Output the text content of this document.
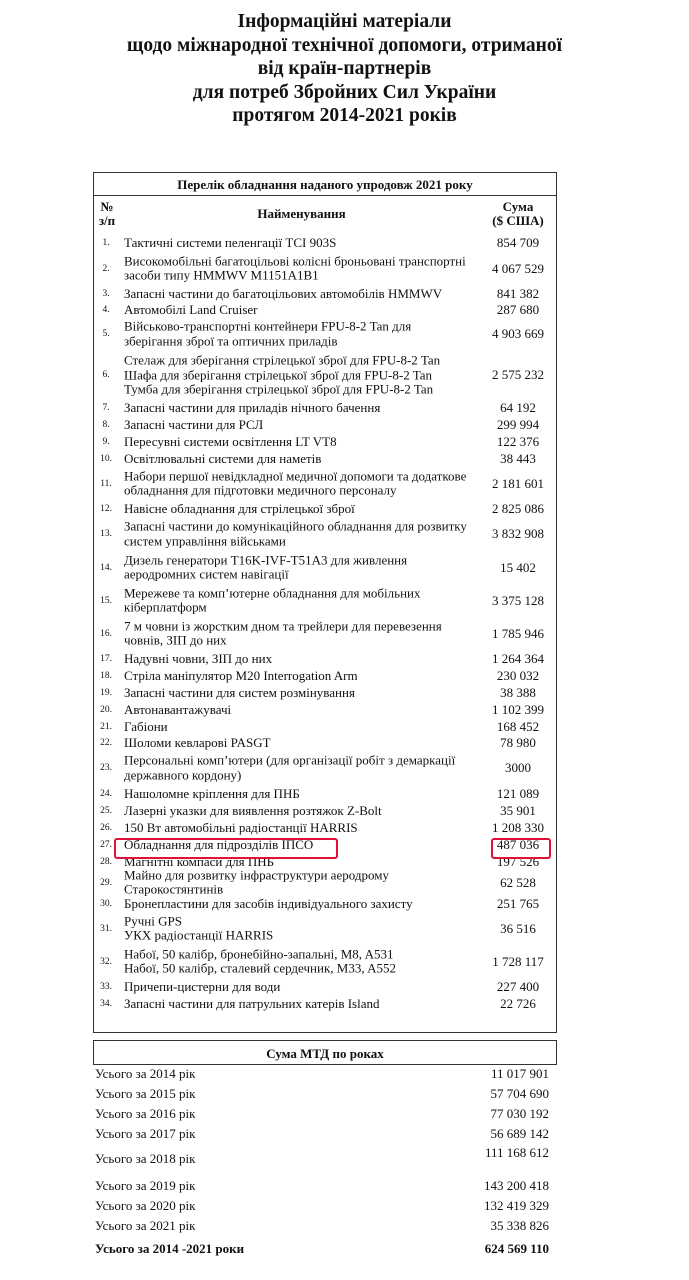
Інформаційні матеріали
щодо міжнародної технічної допомоги, отриманої
від країн-партнерів
для потреб Збройних Сил України
протягом 2014-2021 років
Перелік обладнання наданого упродовж 2021 року
№
з/п	Найменування	Сума
($ США)
1.	Тактичні системи пеленгації TCI 903S	854 709
2.
Високомобільні багатоцільові колісні броньовані транспортні
засоби типу HMMWV M1151A1B1	4 067 529
3.	Запасні частини до багатоцільових автомобілів HMMWV	841 382
4.	Автомобілі Land Cruiser	287 680
5.
Військово-транспортні контейнери FPU-8-2 Tan для
зберігання зброї та оптичних приладів	4 903 669
6.
Стелаж для зберігання стрілецької зброї для FPU-8-2 Tan
Шафа для зберігання стрілецької зброї для FPU-8-2 Tan
Тумба для зберігання стрілецької зброї для FPU-8-2 Tan
2 575 232
7.	Запасні частини для приладів нічного бачення	64 192
8.	Запасні частини для РСЛ	299 994
9.	Пересувні системи освітлення LT VT8	122 376
10. Освітлювальні системи для наметів	38 443
11.
Набори першої невідкладної медичної допомоги та додаткове
обладнання для підготовки медичного персоналу	2 181 601
12. Навісне обладнання для стрілецької зброї	2 825 086
13.
Запасні частини до комунікаційного обладнання для розвитку
систем управління військами	3 832 908
14.
Дизель генератори T16K-IVF-T51A3 для живлення
аеродромних систем навігації	15 402
15.
Мережеве та комп’ютерне обладнання для мобільних
кіберплатформ	3 375 128
16.
7 м човни із жорстким дном та трейлери для перевезення
човнів, ЗІП до них	1 785 946
17. Надувні човни, ЗІП до них	1 264 364
18. Стріла маніпулятор M20 Interrogation Arm	230 032
19. Запасні частини для систем розмінування	38 388
20. Автонавантажувачі	1 102 399
21. Габіони	168 452
22. Шоломи кевларові PASGT	78 980
23.
Персональні комп’ютери (для організації робіт з демаркації
державного кордону)	3000
24. Нашоломне кріплення для ПНБ	121 089
25. Лазерні указки для виявлення розтяжок Z-Bolt	35 901
26. 150 Вт автомобільні радіостанції HARRIS	1 208 330
27. Обладнання для підрозділів ІПСО	487 036
28. Магнітні компаси для ПНБ	197 526
29.
Майно для розвитку інфраструктури аеродрому
Старокостянтинів	62 528
30. Бронепластини для засобів індивідуального захисту	251 765
31.
Ручні GPS
УКХ радіостанції HARRIS	36 516
32.
Набої, 50 калібр, бронебійно-запальні, M8, A531
Набої, 50 калібр, сталевий сердечник, M33, A552	1 728 117
33. Причепи-цистерни для води	227 400
34. Запасні частини для патрульних катерів Island	22 726
Сума МТД по роках
Усього за 2014 рік	11 017 901
Усього за 2015 рік	57 704 690
Усього за 2016 рік	77 030 192
Усього за 2017 рік	56 689 142
Усього за 2018 рік	111 168 612
Усього за 2019 рік	143 200 418
Усього за 2020 рік	132 419 329
Усього за 2021 рік	35 338 826
Усього за 2014 -2021 роки	624 569 110
